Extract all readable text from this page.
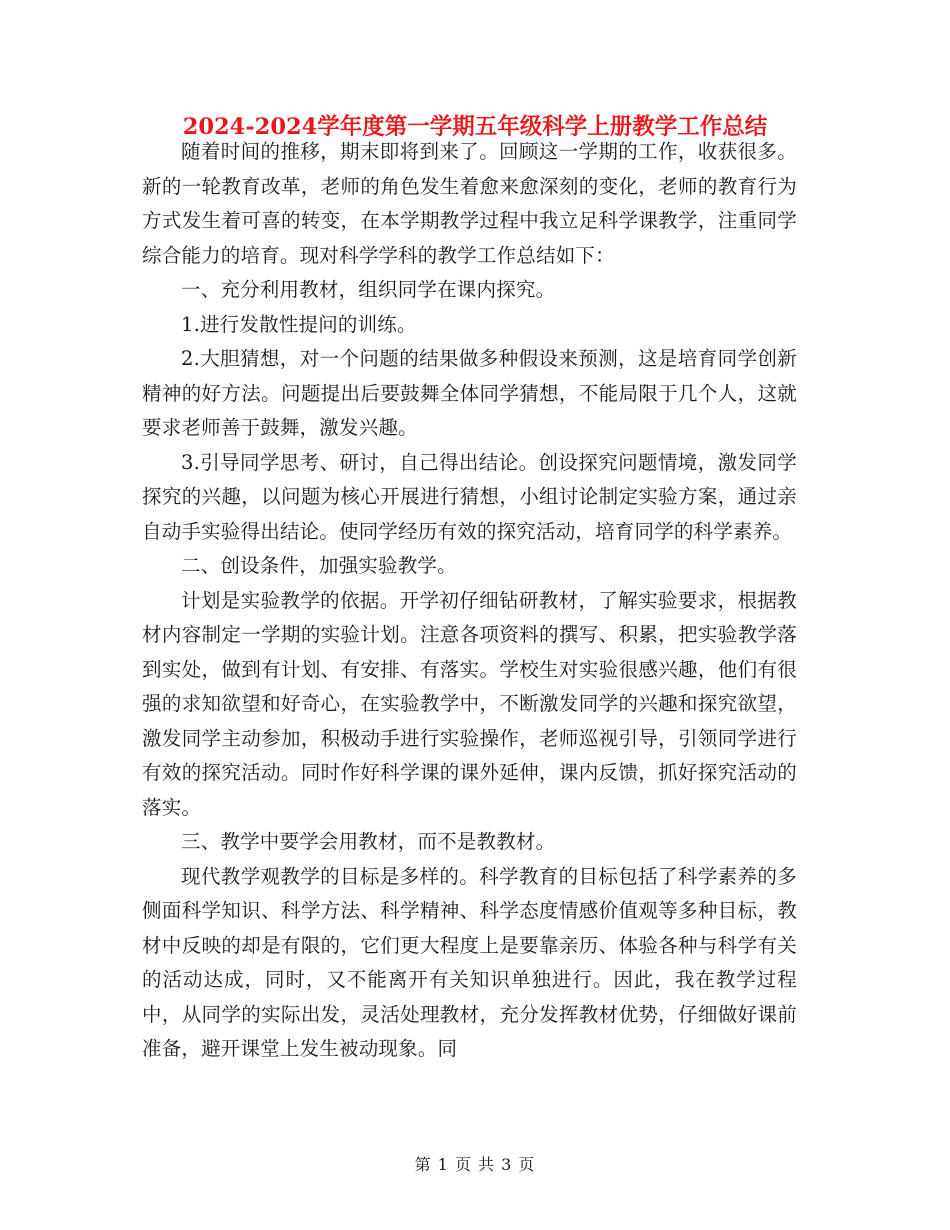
2024-2024学年度第一学期五年级科学上册教学工作总结

随着时间的推移，期末即将到来了。回顾这一学期的工作，收获很多。新的一轮教育改革，老师的角色发生着愈来愈深刻的变化，老师的教育行为方式发生着可喜的转变，在本学期教学过程中我立足科学课教学，注重同学综合能力的培育。现对科学学科的教学工作总结如下：

一、充分利用教材，组织同学在课内探究。

1.进行发散性提问的训练。

2.大胆猜想，对一个问题的结果做多种假设来预测，这是培育同学创新精神的好方法。问题提出后要鼓舞全体同学猜想，不能局限于几个人，这就要求老师善于鼓舞，激发兴趣。

3.引导同学思考、研讨，自己得出结论。创设探究问题情境，激发同学探究的兴趣，以问题为核心开展进行猜想，小组讨论制定实验方案，通过亲自动手实验得出结论。使同学经历有效的探究活动，培育同学的科学素养。

二、创设条件，加强实验教学。

计划是实验教学的依据。开学初仔细钻研教材，了解实验要求，根据教材内容制定一学期的实验计划。注意各项资料的撰写、积累，把实验教学落到实处，做到有计划、有安排、有落实。学校生对实验很感兴趣，他们有很强的求知欲望和好奇心，在实验教学中，不断激发同学的兴趣和探究欲望，激发同学主动参加，积极动手进行实验操作，老师巡视引导，引领同学进行有效的探究活动。同时作好科学课的课外延伸，课内反馈，抓好探究活动的落实。

三、教学中要学会用教材，而不是教教材。

现代教学观教学的目标是多样的。科学教育的目标包括了科学素养的多侧面科学知识、科学方法、科学精神、科学态度情感价值观等多种目标，教材中反映的却是有限的，它们更大程度上是要靠亲历、体验各种与科学有关的活动达成，同时，又不能离开有关知识单独进行。因此，我在教学过程中，从同学的实际出发，灵活处理教材，充分发挥教材优势，仔细做好课前准备，避开课堂上发生被动现象。同

第 1 页 共 3 页
